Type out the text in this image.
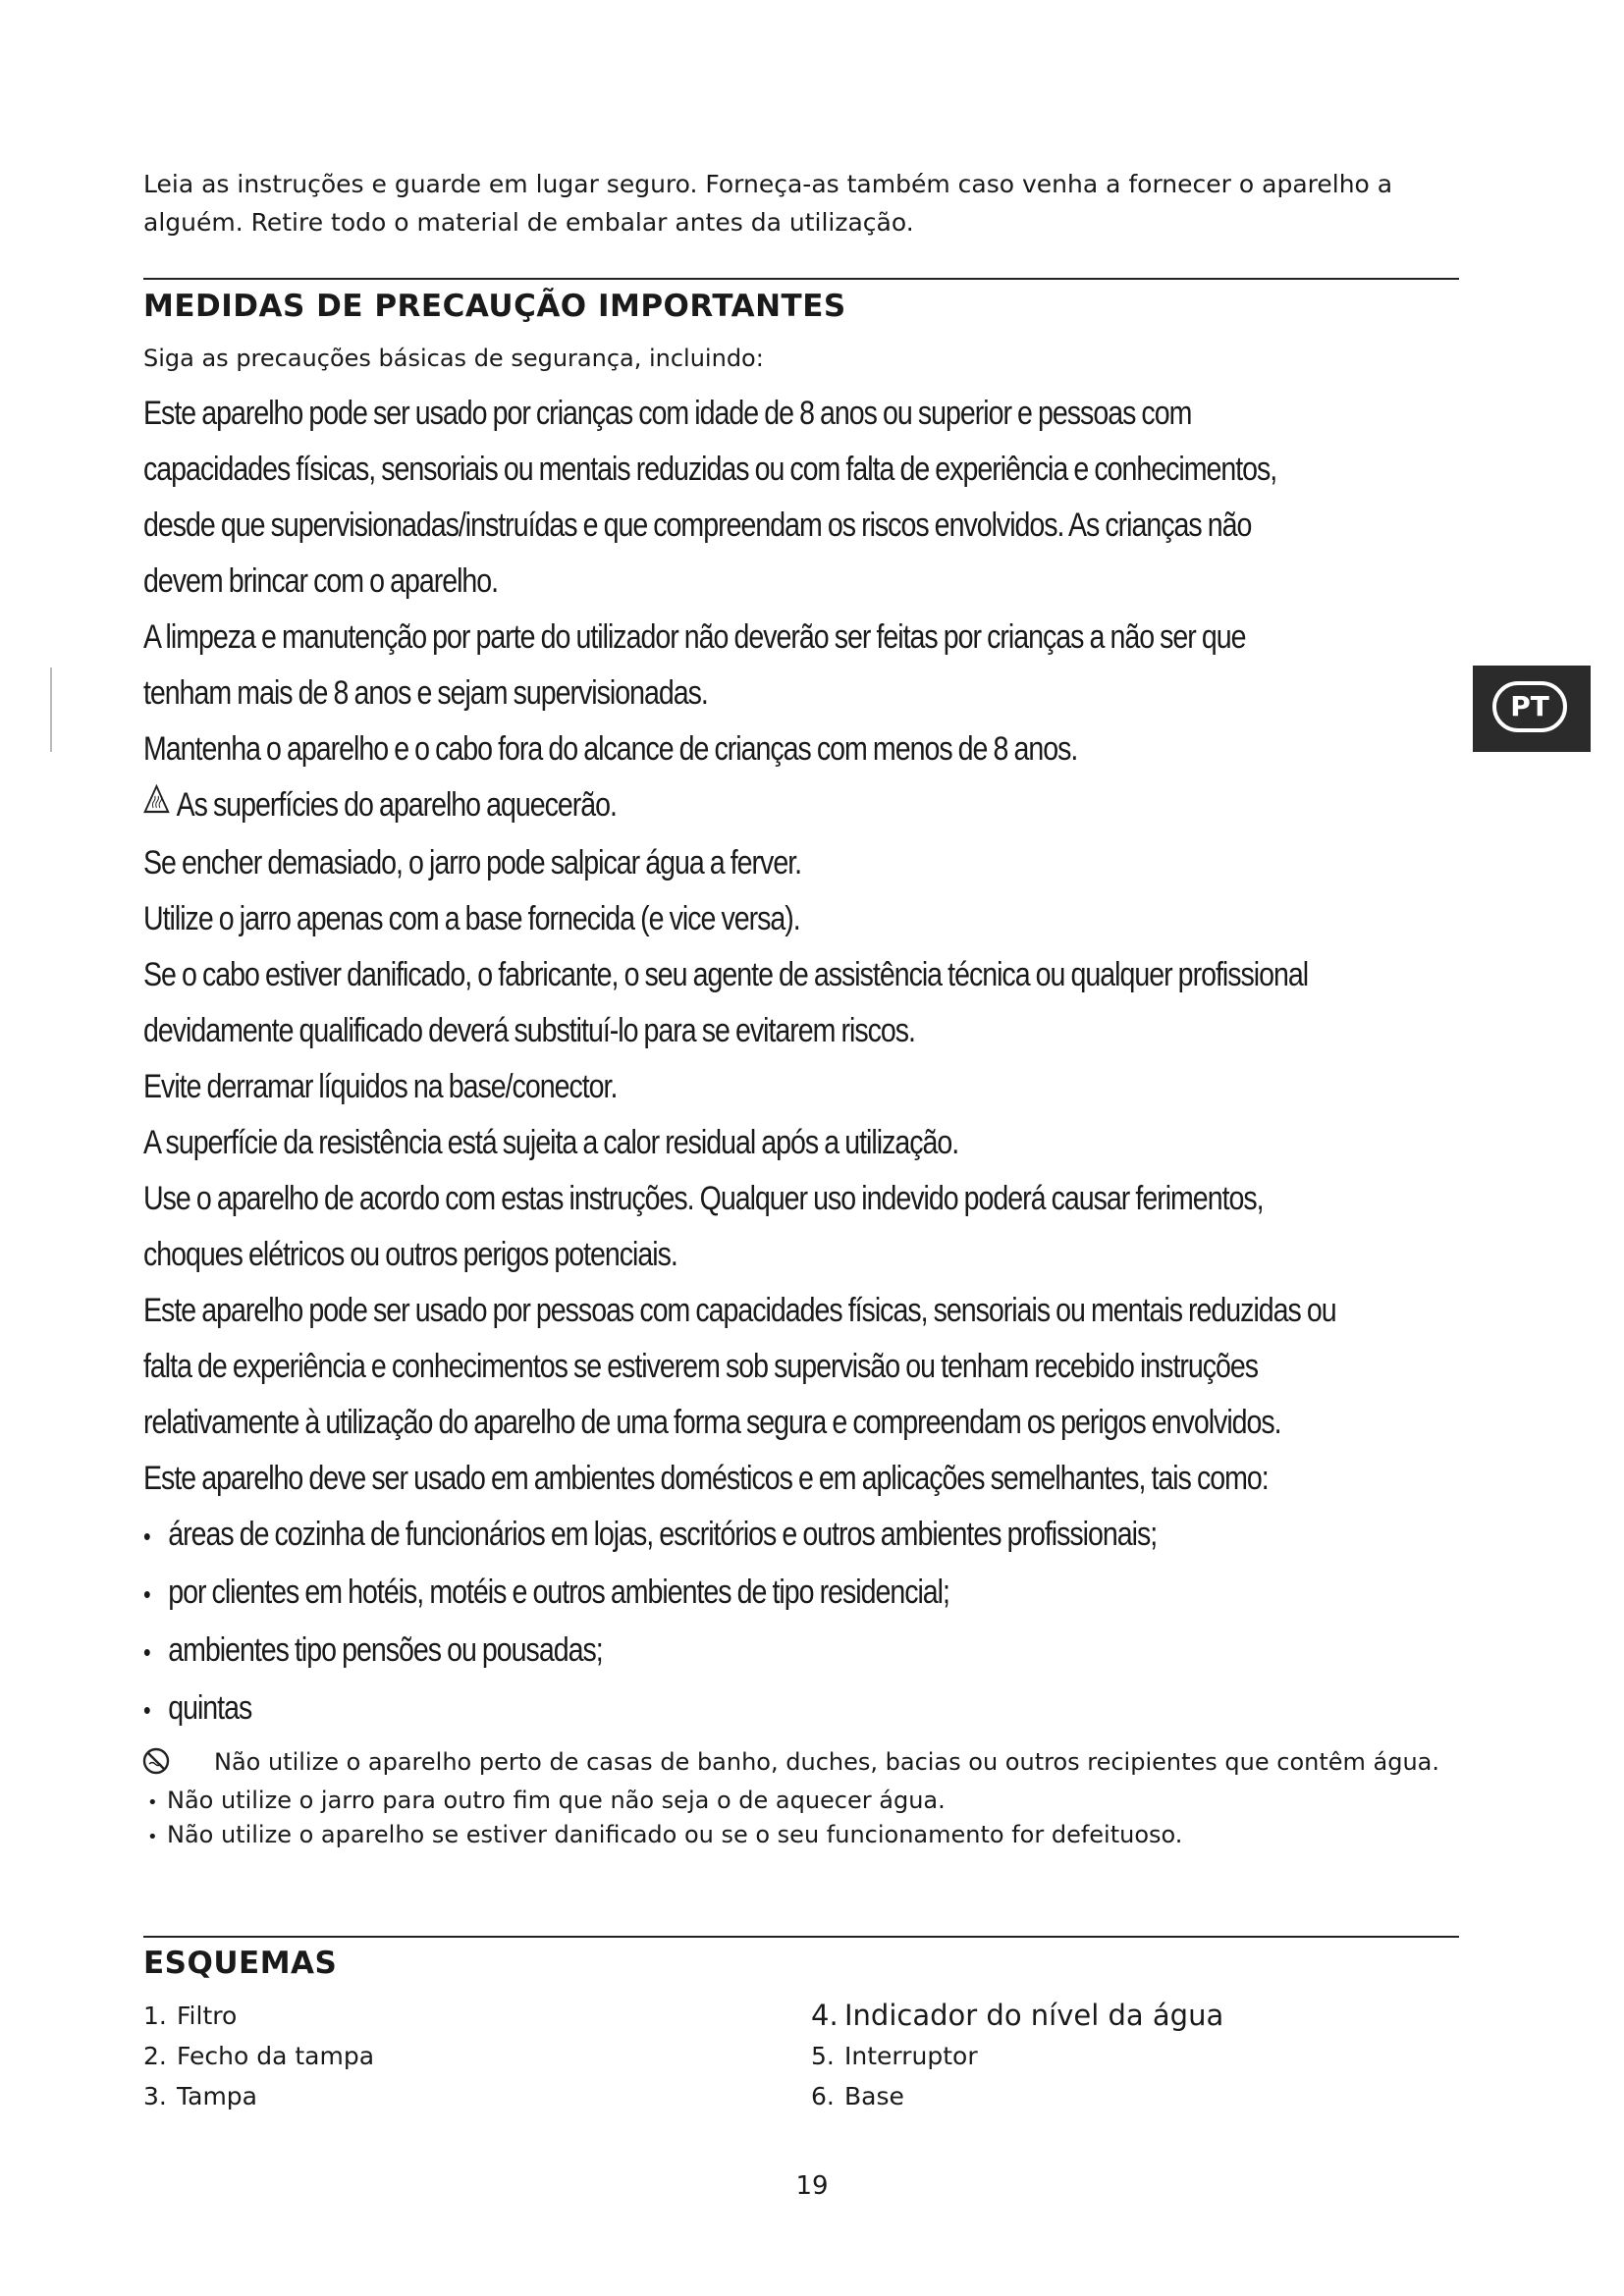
Leia as instruções e guarde em lugar seguro. Forneça-as também caso venha a fornecer o aparelho a

alguém. Retire todo o material de embalar antes da utilização.

MEDIDAS DE PRECAUÇÃO IMPORTANTES

Siga as precauções básicas de segurança, incluindo:

Este aparelho pode ser usado por crianças com idade de 8 anos ou superior e pessoas com

capacidades físicas, sensoriais ou mentais reduzidas ou com falta de experiência e conhecimentos,

desde que supervisionadas/instruídas e que compreendam os riscos envolvidos. As crianças não

devem brincar com o aparelho.

A limpeza e manutenção por parte do utilizador não deverão ser feitas por crianças a não ser que

tenham mais de 8 anos e sejam supervisionadas.

Mantenha o aparelho e o cabo fora do alcance de crianças com menos de 8 anos.

As superfícies do aparelho aquecerão.

Se encher demasiado, o jarro pode salpicar água a ferver.

Utilize o jarro apenas com a base fornecida (e vice versa).

Se o cabo estiver danificado, o fabricante, o seu agente de assistência técnica ou qualquer profissional

devidamente qualificado deverá substituí-lo para se evitarem riscos.

Evite derramar líquidos na base/conector.

A superfície da resistência está sujeita a calor residual após a utilização.

Use o aparelho de acordo com estas instruções. Qualquer uso indevido poderá causar ferimentos,

choques elétricos ou outros perigos potenciais.

Este aparelho pode ser usado por pessoas com capacidades físicas, sensoriais ou mentais reduzidas ou

falta de experiência e conhecimentos se estiverem sob supervisão ou tenham recebido instruções

relativamente à utilização do aparelho de uma forma segura e compreendam os perigos envolvidos.

Este aparelho deve ser usado em ambientes domésticos e em aplicações semelhantes, tais como:

• áreas de cozinha de funcionários em lojas, escritórios e outros ambientes profissionais;

• por clientes em hotéis, motéis e outros ambientes de tipo residencial;

• ambientes tipo pensões ou pousadas;

• quintas

Não utilize o aparelho perto de casas de banho, duches, bacias ou outros recipientes que contêm água.
• Não utilize o jarro para outro fim que não seja o de aquecer água.
• Não utilize o aparelho se estiver danificado ou se o seu funcionamento for defeituoso.
ESQUEMAS

1. Filtro

2. Fecho da tampa

3. Tampa

4. Indicador do nível da água

5. Interruptor

6. Base

PT
19
